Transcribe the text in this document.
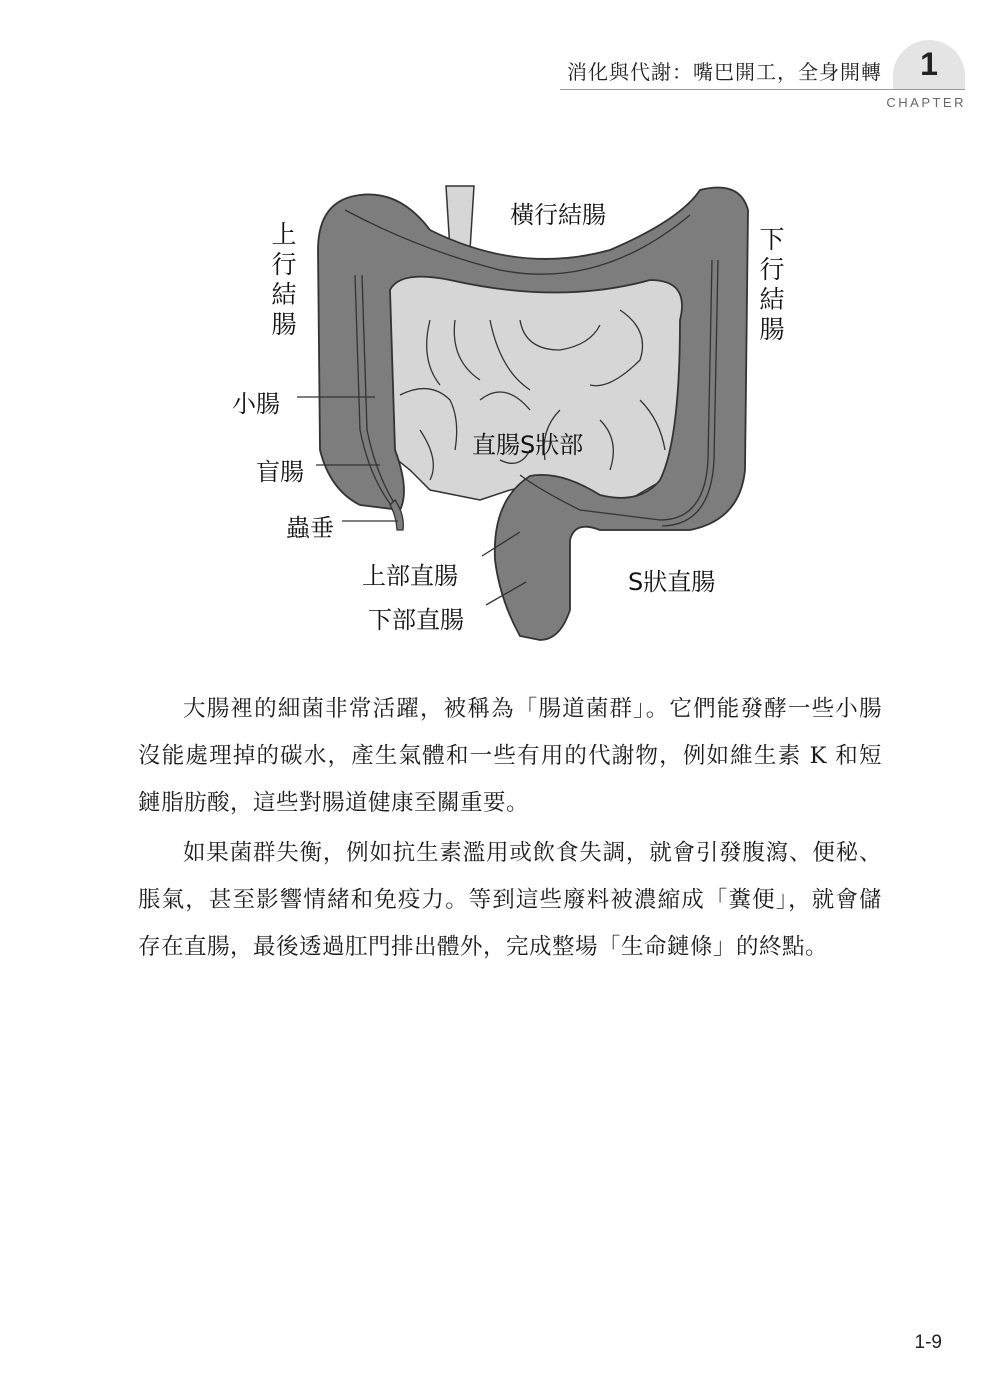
消化與代謝：嘴巴開工，全身開轉	1
CHAPTER
橫行結腸
上行結腸
下行結腸
小腸
盲腸
蟲垂
直腸S狀部
上部直腸
下部直腸
S狀直腸

大腸裡的細菌非常活躍，被稱為「腸道菌群」。它們能發酵一些小腸沒能處理掉的碳水，產生氣體和一些有用的代謝物，例如維生素 K 和短鏈脂肪酸，這些對腸道健康至關重要。

如果菌群失衡，例如抗生素濫用或飲食失調，就會引發腹瀉、便秘、脹氣，甚至影響情緒和免疫力。等到這些廢料被濃縮成「糞便」，就會儲存在直腸，最後透過肛門排出體外，完成整場「生命鏈條」的終點。

1-9
